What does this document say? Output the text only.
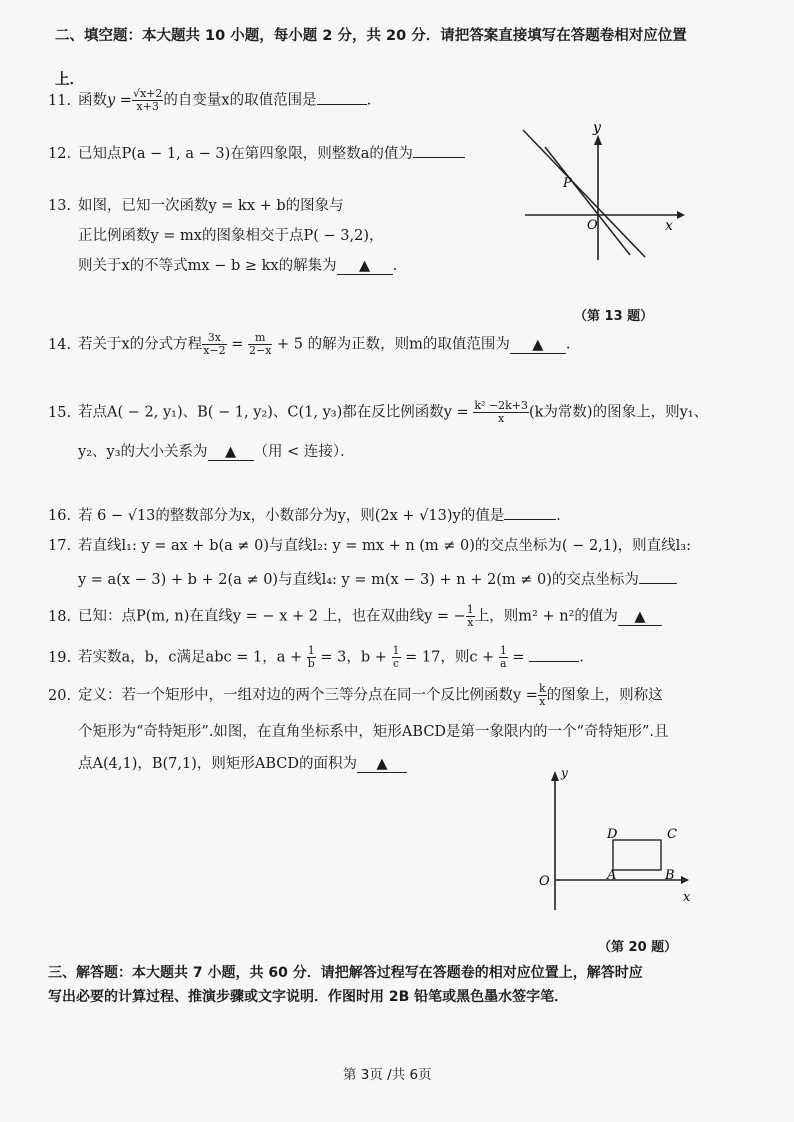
二、填空题：本大题共 10 小题，每小题 2 分，共 20 分．请把答案直接填写在答题卷相对应位置
上．
11. 函数$y = \frac{√x+2}{x+3}$ 的自变量x的取值范围是	.
12. 已知点P(a − 1, a − 3)在第四象限，则整数a的值为
13. 如图，已知一次函数y = kx + b的图象与
正比例函数y = mx的图象相交于点P( − 3,2)，
则关于x的不等式mx − b ≥ kx的解集为 ▲ .
y
x
P
O
（第 13 题）
14. 若关于x的分式方程 $\frac{3x}{x-2} = \frac{m}{2-x} + 5$ 的解为正数，则m的取值范围为 ▲ .
15. 若点A( − 2, y₁)、B( − 1, y₂)、C(1, y₃)都在反比例函数$y = \frac{\text{k² −2k+3}}{x} (k$为常数)的图象上，则y₁、
y₂、y₃的大小关系为 ▲ （用 < 连接）．
16. 若 6 − √13的整数部分为x，小数部分为y，则(2x + √13)y的值是	．
17. 若直线l₁: y = ax + b(a ≠ 0)与直线l₂: y = mx + n (m ≠ 0)的交点坐标为( − 2,1)，则直线l₃:
y = a(x − 3) + b + 2(a ≠ 0)与直线l₄: y = m(x − 3) + n + 2(m ≠ 0)的交点坐标为
18. 已知：点P(m, n)在直线y = − x + 2 上，也在双曲线y = − $\frac{1}{x}$ 上，则m² + n²的值为 ▲
19. 若实数a，b，c满足abc = 1，$a + \frac{1}{b} = 3$，$b + \frac{1}{c} = 17$，则$c + \frac{1}{a}$ =	.
20. 定义：若一个矩形中，一组对边的两个三等分点在同一个反比例函数$y = \frac{k}{x}$ 的图象上，则称这
个矩形为“奇特矩形”.如图，在直角坐标系中，矩形ABCD是第一象限内的一个“奇特矩形”.且
点A(4,1)，B(7,1)，则矩形ABCD的面积为 ▲
y
x
O	A	B
C
D
（第 20 题）
三、解答题：本大题共 7 小题，共 60 分．请把解答过程写在答题卷的相对应位置上，解答时应
写出必要的计算过程、推演步骤或文字说明．作图时用 2B 铅笔或黑色墨水签字笔．
第 3页 /共 6页
